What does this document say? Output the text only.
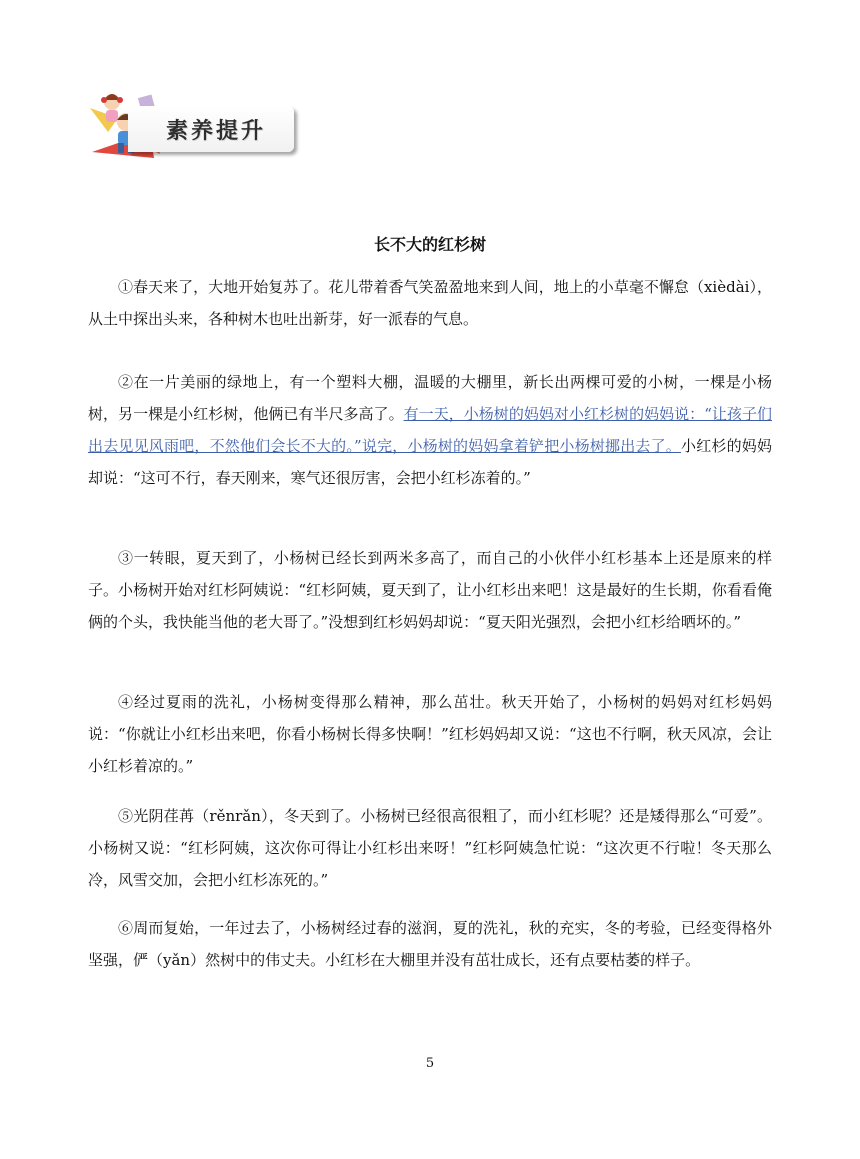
素养提升
长不大的红杉树

①春天来了，大地开始复苏了。花儿带着香气笑盈盈地来到人间，地上的小草毫不懈怠（xièdài），从土中探出头来，各种树木也吐出新芽，好一派春的气息。

②在一片美丽的绿地上，有一个塑料大棚，温暖的大棚里，新长出两棵可爱的小树，一棵是小杨树，另一棵是小红杉树，他俩已有半尺多高了。有一天，小杨树的妈妈对小红杉树的妈妈说：“让孩子们出去见见风雨吧，不然他们会长不大的。”说完，小杨树的妈妈拿着铲把小杨树挪出去了。小红杉的妈妈却说：“这可不行，春天刚来，寒气还很厉害，会把小红杉冻着的。”

③一转眼，夏天到了，小杨树已经长到两米多高了，而自己的小伙伴小红杉基本上还是原来的样子。小杨树开始对红杉阿姨说：“红杉阿姨，夏天到了，让小红杉出来吧！这是最好的生长期，你看看俺俩的个头，我快能当他的老大哥了。”没想到红杉妈妈却说：“夏天阳光强烈，会把小红杉给晒坏的。”

④经过夏雨的洗礼，小杨树变得那么精神，那么茁壮。秋天开始了，小杨树的妈妈对红杉妈妈说：“你就让小红杉出来吧，你看小杨树长得多快啊！”红杉妈妈却又说：“这也不行啊，秋天风凉，会让小红杉着凉的。”

⑤光阴荏苒（rěnrǎn），冬天到了。小杨树已经很高很粗了，而小红杉呢？还是矮得那么“可爱”。小杨树又说：“红杉阿姨，这次你可得让小红杉出来呀！”红杉阿姨急忙说：“这次更不行啦！冬天那么冷，风雪交加，会把小红杉冻死的。”

⑥周而复始，一年过去了，小杨树经过春的滋润，夏的洗礼，秋的充实，冬的考验，已经变得格外坚强，俨（yǎn）然树中的伟丈夫。小红杉在大棚里并没有茁壮成长，还有点要枯萎的样子。

5
